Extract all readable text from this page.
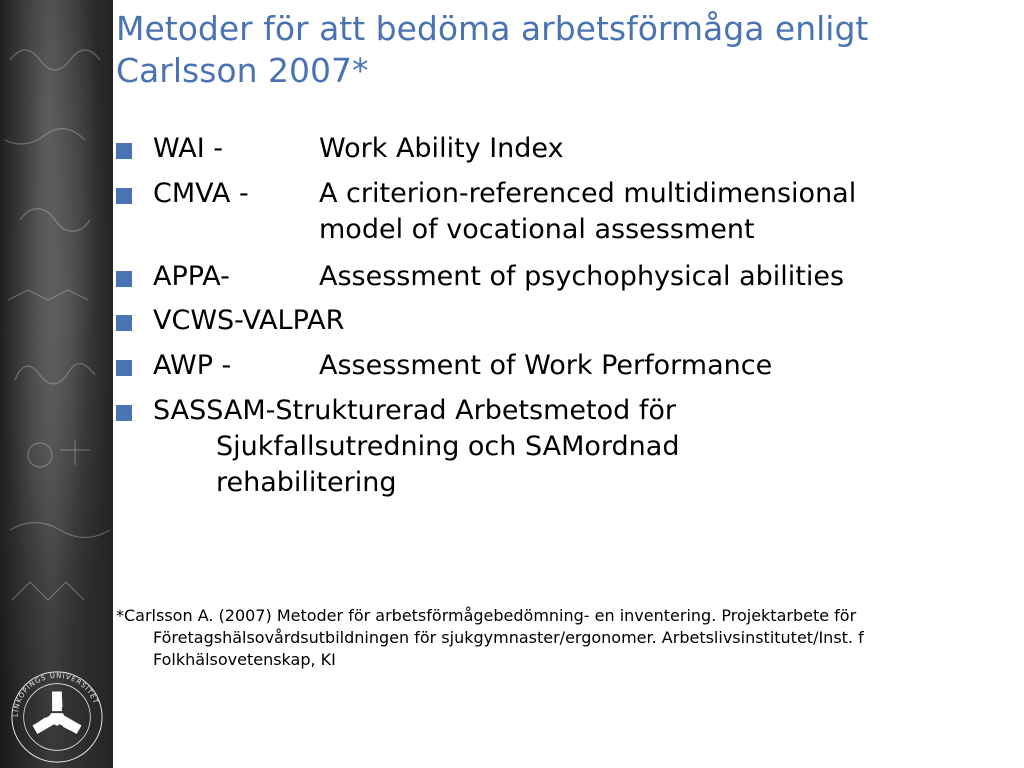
LINKÖPINGS UNIVERSITET
Metoder för att bedöma arbetsförmåga enligt
Carlsson 2007*
WAI -	Work Ability Index
CMVA -	A criterion-referenced multidimensional
model of vocational assessment
APPA-	Assessment of psychophysical abilities
VCWS-VALPAR

AWP -	Assessment of Work Performance
SASSAM-Strukturerad Arbetsmetod för
Sjukfallsutredning och SAMordnad
rehabilitering
*Carlsson A. (2007) Metoder för arbetsförmågebedömning- en inventering. Projektarbete för
Företagshälsovårdsutbildningen för sjukgymnaster/ergonomer. Arbetslivsinstitutet/Inst. f
Folkhälsovetenskap, KI
